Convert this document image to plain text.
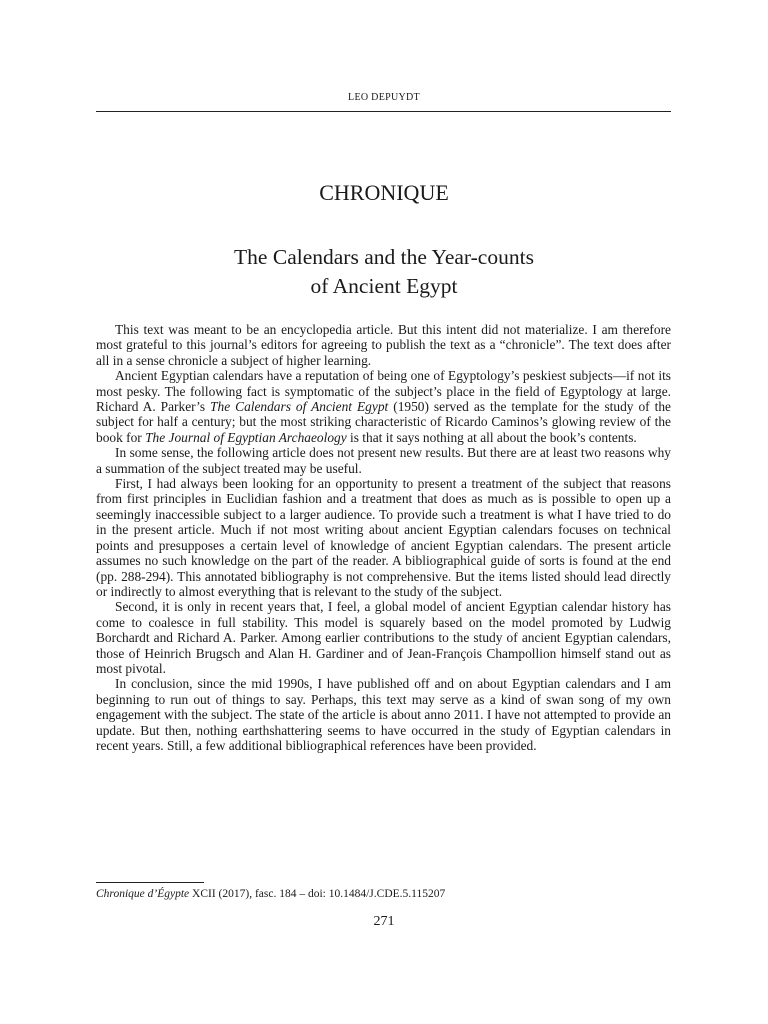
LEO DEPUYDT
CHRONIQUE
The Calendars and the Year-counts
of Ancient Egypt

This text was meant to be an encyclopedia article. But this intent did not materialize. I am therefore most grateful to this journal’s editors for agreeing to publish the text as a “chronicle”. The text does after all in a sense chronicle a subject of higher learning.

Ancient Egyptian calendars have a reputation of being one of Egyptology’s peskiest subjects—if not its most pesky. The following fact is symptomatic of the subject’s place in the field of Egyptology at large. Richard A. Parker’s The Calendars of Ancient Egypt (1950) served as the template for the study of the subject for half a century; but the most striking characteristic of Ricardo Caminos’s glowing review of the book for The Journal of Egyptian Archaeology is that it says nothing at all about the book’s contents.

In some sense, the following article does not present new results. But there are at least two reasons why a summation of the subject treated may be useful.

First, I had always been looking for an opportunity to present a treatment of the subject that reasons from first principles in Euclidian fashion and a treatment that does as much as is possible to open up a seemingly inaccessible subject to a larger audience. To provide such a treatment is what I have tried to do in the present article. Much if not most writing about ancient Egyptian calendars focuses on technical points and presupposes a certain level of knowledge of ancient Egyptian calendars. The present article assumes no such knowledge on the part of the reader. A bibliographical guide of sorts is found at the end (pp. 288-294). This annotated bibliography is not comprehensive. But the items listed should lead directly or indirectly to almost everything that is relevant to the study of the subject.

Second, it is only in recent years that, I feel, a global model of ancient Egyptian calendar history has come to coalesce in full stability. This model is squarely based on the model promoted by Ludwig Borchardt and Richard A. Parker. Among earlier contributions to the study of ancient Egyptian calendars, those of Heinrich Brugsch and Alan H. Gardiner and of Jean-François Champollion himself stand out as most pivotal.

In conclusion, since the mid 1990s, I have published off and on about Egyptian calendars and I am beginning to run out of things to say. Perhaps, this text may serve as a kind of swan song of my own engagement with the subject. The state of the article is about anno 2011. I have not attempted to provide an update. But then, nothing earthshattering seems to have occurred in the study of Egyptian calendars in recent years. Still, a few additional bibliographical references have been provided.

Chronique d’Égypte XCII (2017), fasc. 184 – doi: 10.1484/J.CDE.5.115207
271
